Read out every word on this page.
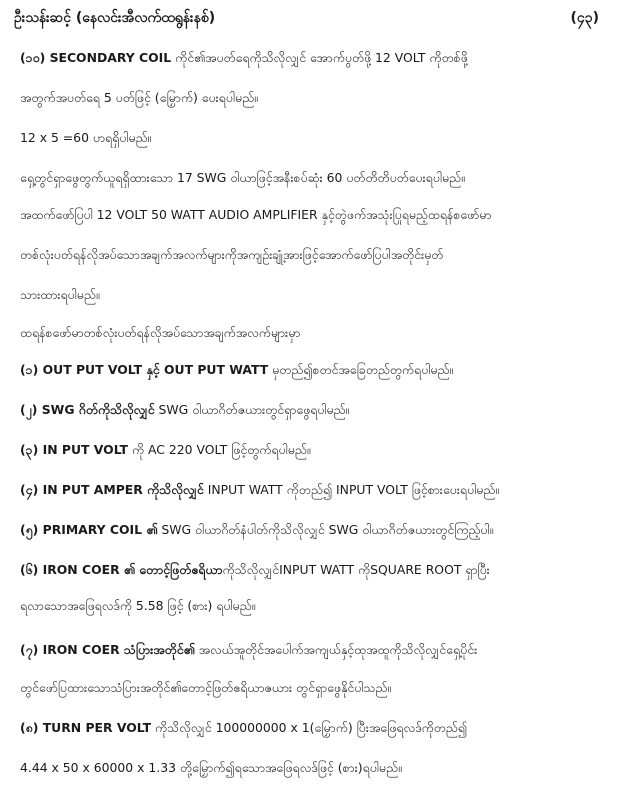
ဦးသန်းဆင့် (နေလင်းအီလက်ထရွန်းနစ်)	(၄၃)
(၁၀) SECONDARY COIL ကိုင်၏အပတ်ရေကိုသိလိုလျှင် အောက်ပွတ်ဖို့ 12 VOLT ကိုတစ်ဖို့
အတွက်အပတ်ရေ 5 ပတ်ဖြင့် (မြှောက်) ပေးရပါမည်။
12 x 5 =60 ပာရရှိပါမည်။
ရှေ့တွင်ရှာဖွေတွက်ယူရရှိထားသော 17 SWG ဝါယာဖြင့်အနီးစပ်ဆုံး 60 ပတ်တိတိပတ်ပေးရပါမည်။
အထက်ဖော်ပြပါ 12 VOLT 50 WATT AUDIO AMPLIFIER နှင့်တွဲဖက်အသုံးပြုရမည့်ထရန်စဖော်မာ
တစ်လုံးပတ်ရန်လိုအပ်သောအချက်အလက်များကိုအကျဉ်းချုံ့အားဖြင့်အောက်ဖော်ပြပါအတိုင်းမှတ်
သားထားရပါမည်။
ထရန်စဖော်မာတစ်လုံးပတ်ရန်လိုအပ်သောအချက်အလက်များမှာ
(၁) OUT PUT VOLT နှင့် OUT PUT WATT မှတည်၍စတင်အခြေတည်တွက်ရပါမည်။
(၂) SWG ဂိတ်ကိုသိလိုလျှင် SWG ဝါယာဂိတ်ဇယားတွင်ရှာဖွေရပါမည်။
(၃) IN PUT VOLT ကို AC 220 VOLT ဖြင့်တွက်ရပါမည်။
(၄) IN PUT AMPER ကိုသိလိုလျှင် INPUT WATT ကိုတည်၍ INPUT VOLT ဖြင့်စားပေးရပါမည်။
(၅) PRIMARY COIL ၏ SWG ဝါယာဂိတ်နံပါတ်ကိုသိလိုလျှင် SWG ဝါယာဂိတ်ဇယားတွင်ကြည့်ပါ။
(၆) IRON COER ၏ တောင့်ဖြတ်ဧရိယာကိုသိလိုလျှင်INPUT WATT ကိုSQUARE ROOT ရှာပြီး
ရလာသောအဖြေရလဒ်ကို 5.58 ဖြင့် (စား) ရပါမည်။
(၇) IRON COER သံပြားအတိုင်၏ အလယ်အူတိုင်အပေါက်အကျယ်နှင့်ထုအထူကိုသိလိုလျှင်ရှေ့ပိုင်း
တွင်ဖော်ပြထားသောသံပြားအတိုင်၏တောင့်ဖြတ်ဧရိယာဇယား တွင်ရှာဖွေနိုင်ပါသည်။
(၈) TURN PER VOLT ကိုသိလိုလျှင် 100000000 x 1(မြှောက်) ပြီးအဖြေရလဒ်ကိုတည်၍
4.44 x 50 x 60000 x 1.33 တို့မြှောက်၍ရသောအဖြေရလဒ်ဖြင့် (စား)ရပါမည်။
